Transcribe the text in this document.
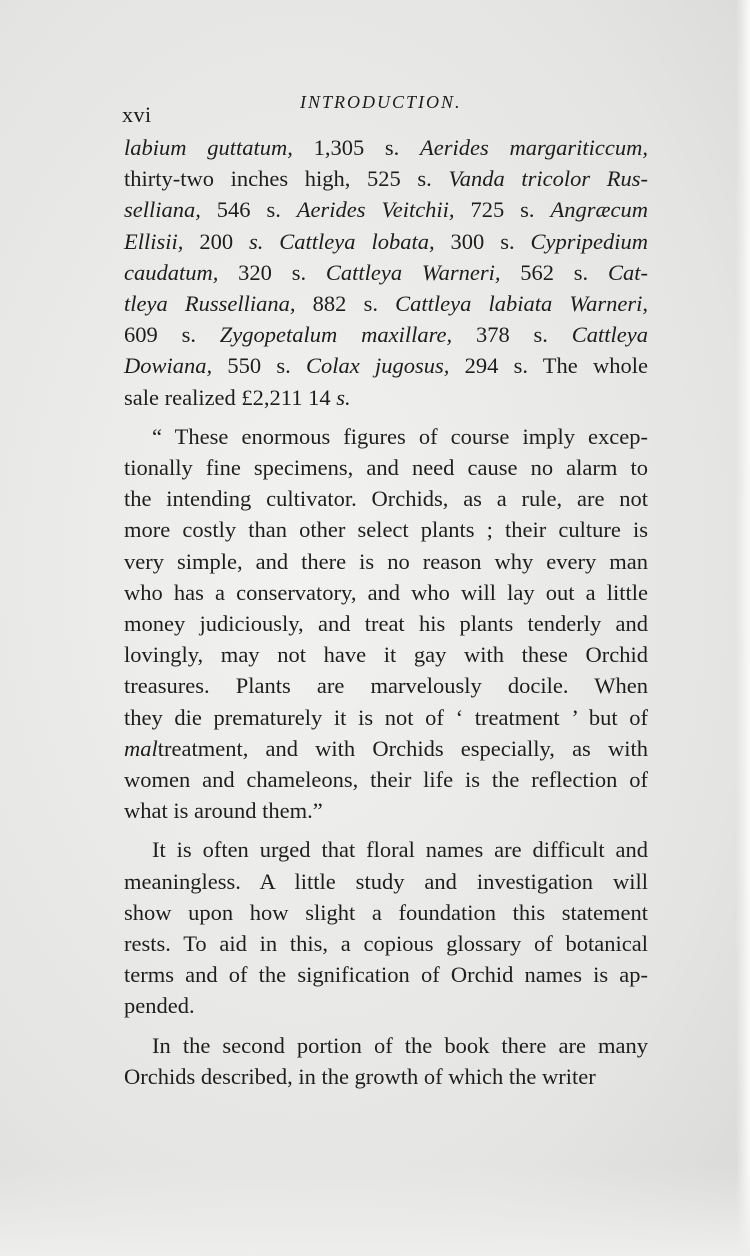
xvi	INTRODUCTION.

labium guttatum, 1,305 s. Aerides margariticcum,
thirty-two inches high, 525 s. Vanda tricolor Rus-
selliana, 546 s. Aerides Veitchii, 725 s. Angræcum
Ellisii, 200 s. Cattleya lobata, 300 s. Cypripedium
caudatum, 320 s. Cattleya Warneri, 562 s. Cat-
tleya Russelliana, 882 s. Cattleya labiata Warneri,
609 s. Zygopetalum maxillare, 378 s. Cattleya
Dowiana, 550 s. Colax jugosus, 294 s. The whole
sale realized £2,211 14 s.

“ These enormous figures of course imply excep-
tionally fine specimens, and need cause no alarm to
the intending cultivator. Orchids, as a rule, are not
more costly than other select plants ; their culture is
very simple, and there is no reason why every man
who has a conservatory, and who will lay out a little
money judiciously, and treat his plants tenderly and
lovingly, may not have it gay with these Orchid
treasures. Plants are marvelously docile. When
they die prematurely it is not of ‘ treatment ’ but of
maltreatment, and with Orchids especially, as with
women and chameleons, their life is the reflection of
what is around them.”

It is often urged that floral names are difficult and
meaningless. A little study and investigation will
show upon how slight a foundation this statement
rests. To aid in this, a copious glossary of botanical
terms and of the signification of Orchid names is ap-
pended.

In the second portion of the book there are many
Orchids described, in the growth of which the writer
